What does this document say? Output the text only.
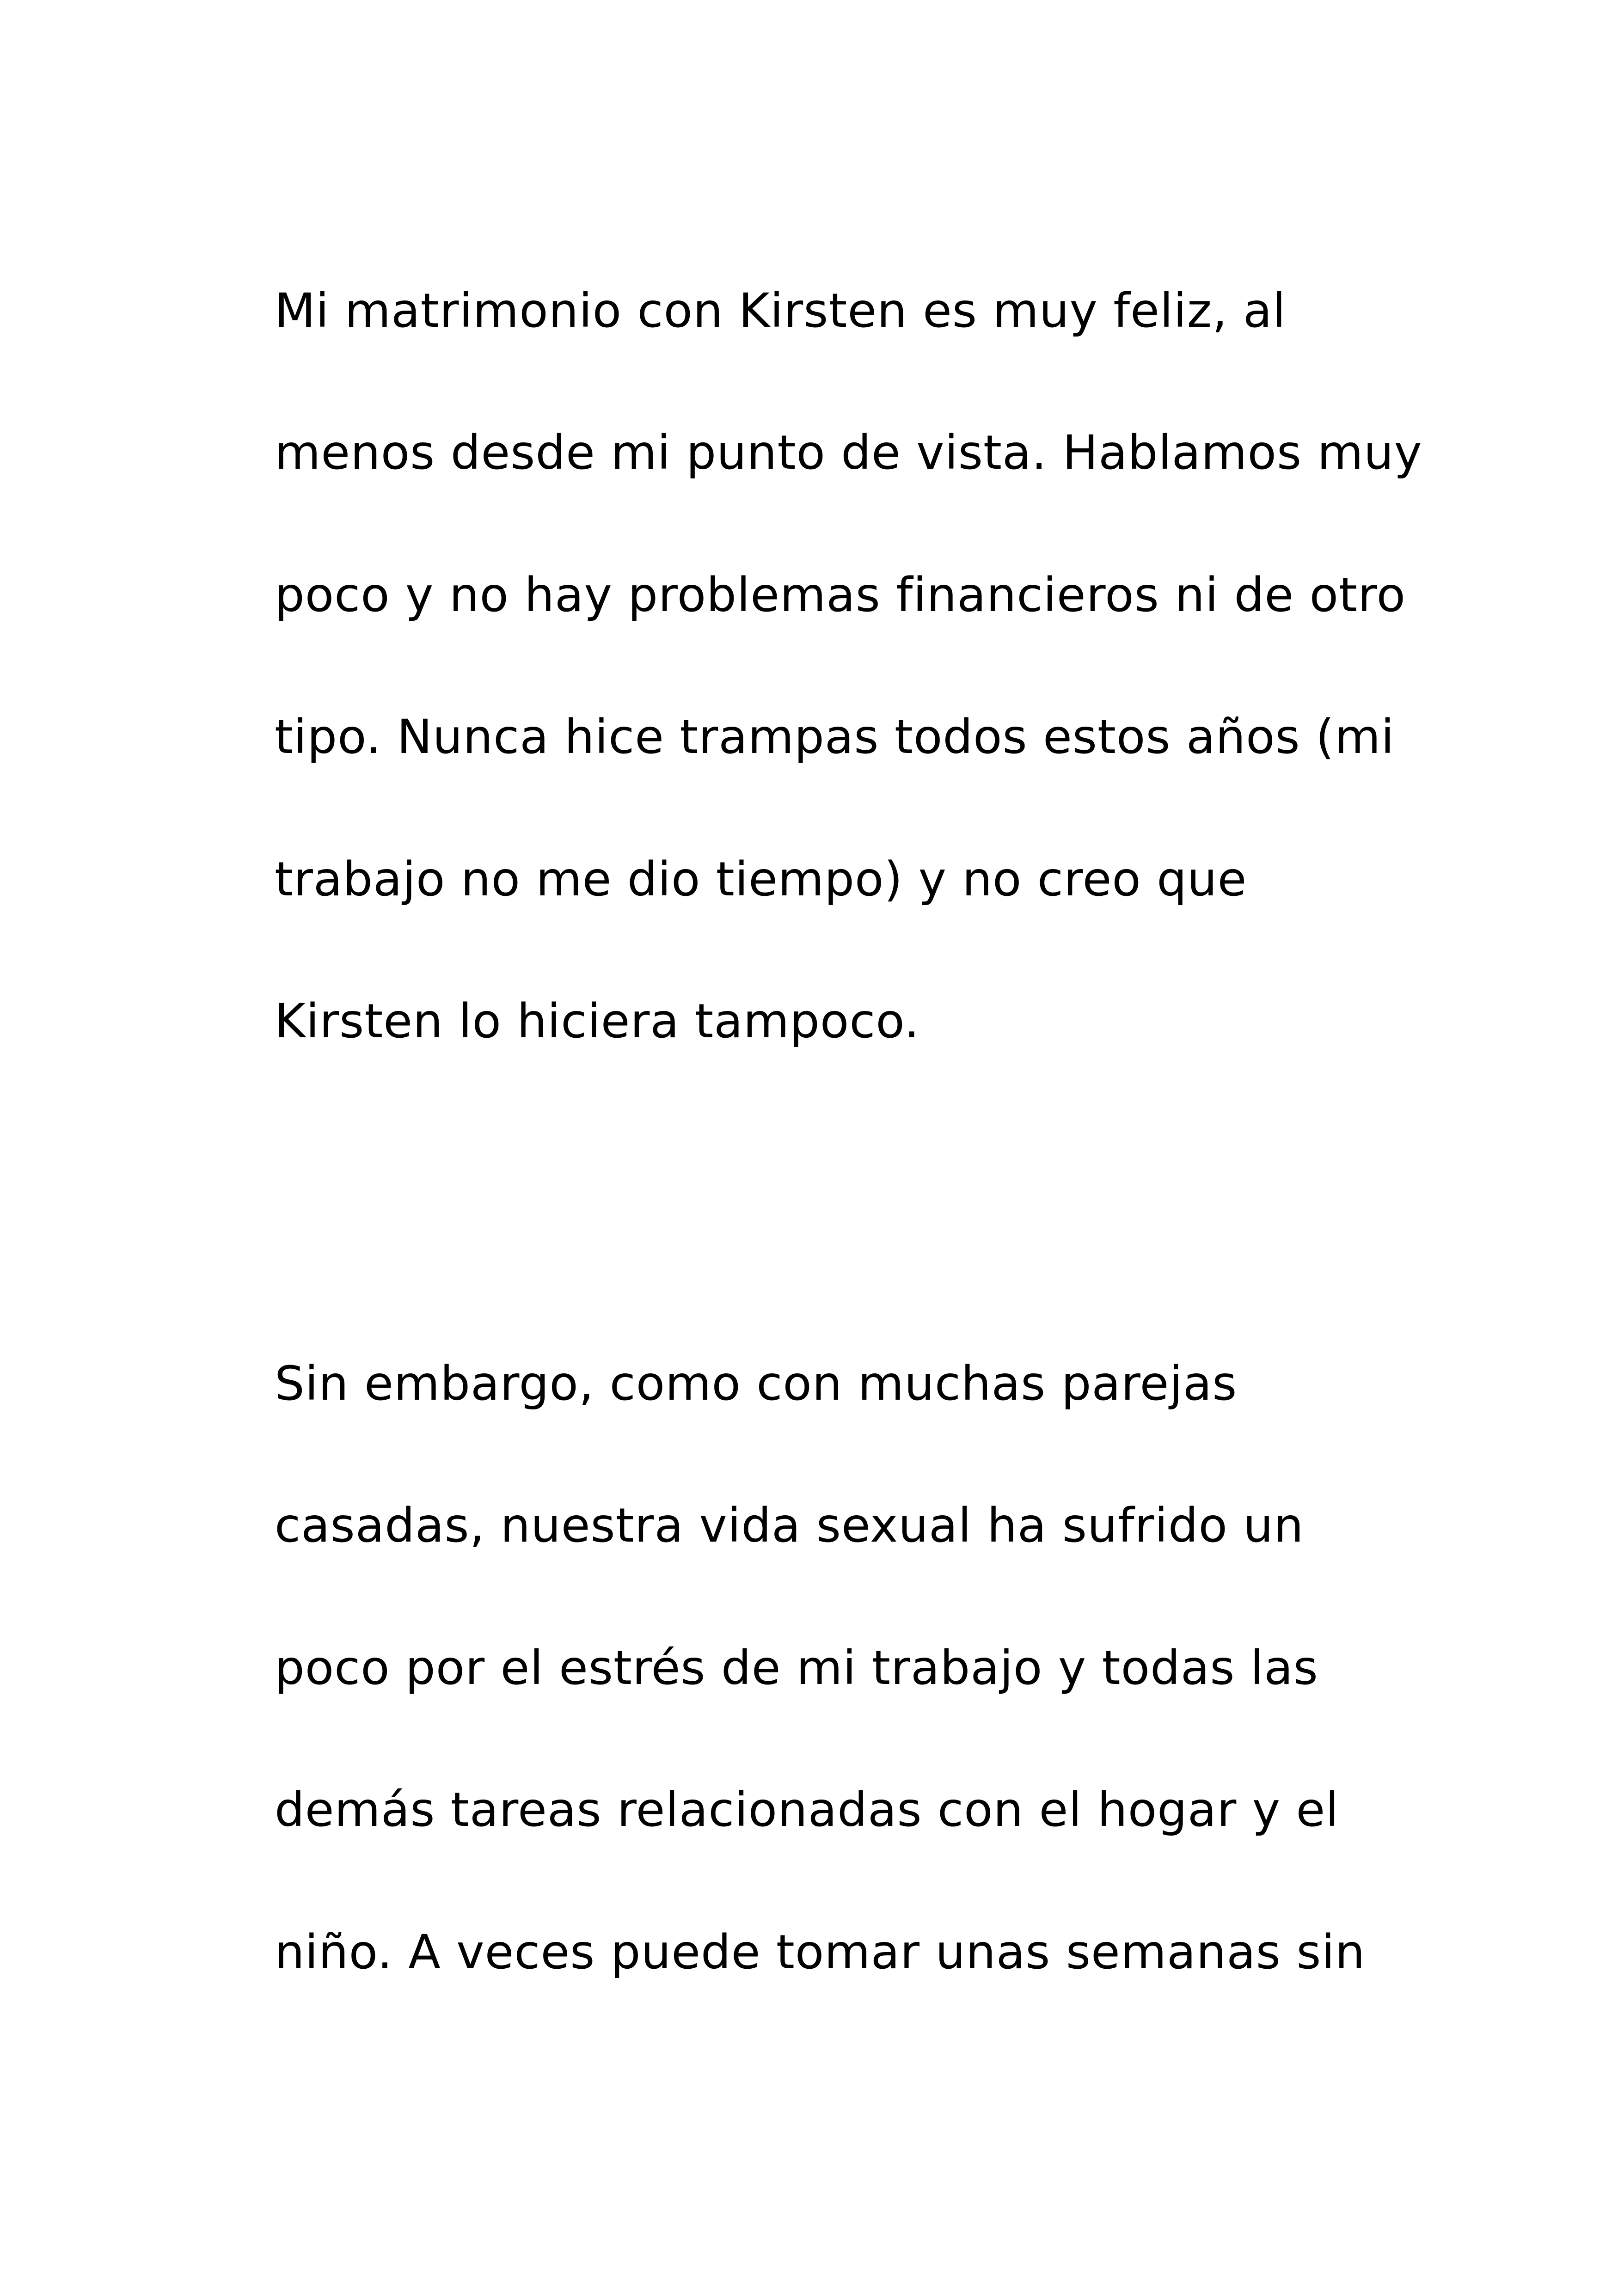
Mi matrimonio con Kirsten es muy feliz, al
menos desde mi punto de vista. Hablamos muy
poco y no hay problemas financieros ni de otro
tipo. Nunca hice trampas todos estos años (mi
trabajo no me dio tiempo) y no creo que
Kirsten lo hiciera tampoco.
Sin embargo, como con muchas parejas
casadas, nuestra vida sexual ha sufrido un
poco por el estrés de mi trabajo y todas las
demás tareas relacionadas con el hogar y el
niño. A veces puede tomar unas semanas sin
